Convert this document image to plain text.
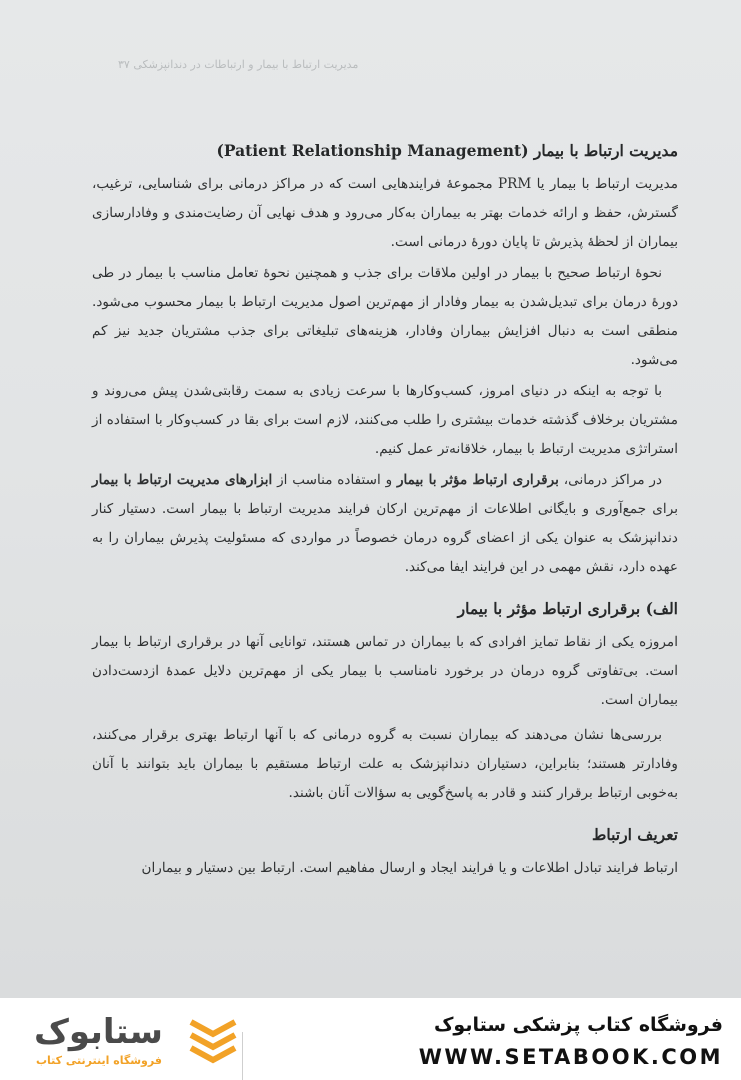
مدیریت ارتباط با بیمار و ارتباطات در دندانپزشکی ۳۷
مدیریت ارتباط با بیمار (Patient Relationship Management)

مدیریت ارتباط با بیمار یا PRM مجموعۀ فرایندهایی است که در مراکز درمانی برای شناسایی، ترغیب، گسترش، حفظ و ارائه خدمات بهتر به بیماران به‌کار می‌رود و هدف نهایی آن رضایت‌مندی و وفادارسازی بیماران از لحظۀ پذیرش تا پایان دورۀ درمانی است.

نحوۀ ارتباط صحیح با بیمار در اولین ملاقات برای جذب و همچنین نحوۀ تعامل مناسب با بیمار در طی دورۀ درمان برای تبدیل‌شدن به بیمار وفادار از مهم‌ترین اصول مدیریت ارتباط با بیمار محسوب می‌شود. منطقی است به دنبال افزایش بیماران وفادار، هزینه‌های تبلیغاتی برای جذب مشتریان جدید نیز کم می‌شود.

با توجه به اینکه در دنیای امروز، کسب‌وکارها با سرعت زیادی به سمت رقابتی‌شدن پیش می‌روند و مشتریان برخلاف گذشته خدمات بیشتری را طلب می‌کنند، لازم است برای بقا در کسب‌وکار با استفاده از استراتژی مدیریت ارتباط با بیمار، خلاقانه‌تر عمل کنیم.

در مراکز درمانی، برقراری ارتباط مؤثر با بیمار و استفاده مناسب از ابزارهای مدیریت ارتباط با بیمار برای جمع‌آوری و بایگانی اطلاعات از مهم‌ترین ارکان فرایند مدیریت ارتباط با بیمار است. دستیار کنار دندانپزشک به عنوان یکی از اعضای گروه درمان خصوصاً در مواردی که مسئولیت پذیرش بیماران را به عهده دارد، نقش مهمی در این فرایند ایفا می‌کند.

الف) برقراری ارتباط مؤثر با بیمار

امروزه یکی از نقاط تمایز افرادی که با بیماران در تماس هستند، توانایی آنها در برقراری ارتباط با بیمار است. بی‌تفاوتی گروه درمان در برخورد نامناسب با بیمار یکی از مهم‌ترین دلایل عمدۀ ازدست‌دادن بیماران است.

بررسی‌ها نشان می‌دهند که بیماران نسبت به گروه درمانی که با آنها ارتباط بهتری برقرار می‌کنند، وفادارتر هستند؛ بنابراین، دستیاران دندانپزشک به علت ارتباط مستقیم با بیماران باید بتوانند با آنان به‌خوبی ارتباط برقرار کنند و قادر به پاسخ‌گویی به سؤالات آنان باشند.

تعریف ارتباط

ارتباط فرایند تبادل اطلاعات و یا فرایند ایجاد و ارسال مفاهیم است. ارتباط بین دستیار و بیماران

ستابوک
فروشگاه اینترنتی کتاب
فروشگاه کتاب پزشکی ستابوک
WWW.SETABOOK.COM
